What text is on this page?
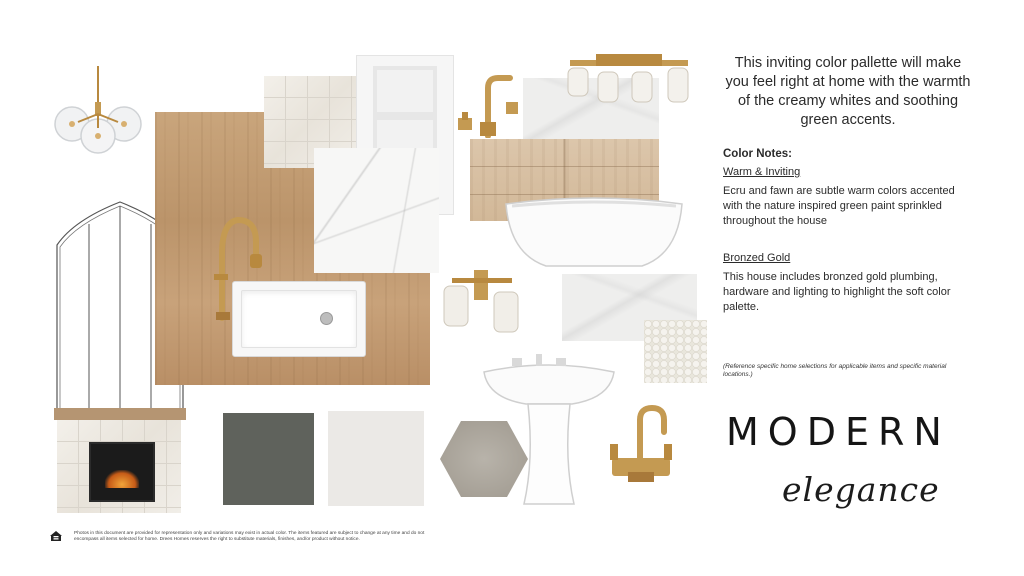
This inviting color pallette will make you feel right at home with the warmth of the creamy whites and soothing green accents.
Color Notes:
Warm & Inviting
Ecru and fawn are subtle warm colors accented with the nature inspired green paint sprinkled throughout the house
Bronzed Gold
This house includes bronzed gold plumbing, hardware and lighting to highlight the soft color palette.
(Reference specific home selections for applicable items and specific material locations.)
MODERN
elegance
Photos in this document are provided for representation only and variations may exist in actual color. The items featured are subject to change at any time and do not encompass all items selected for home. Drees Homes reserves the right to substitute materials, finishes, and/or product without notice.
